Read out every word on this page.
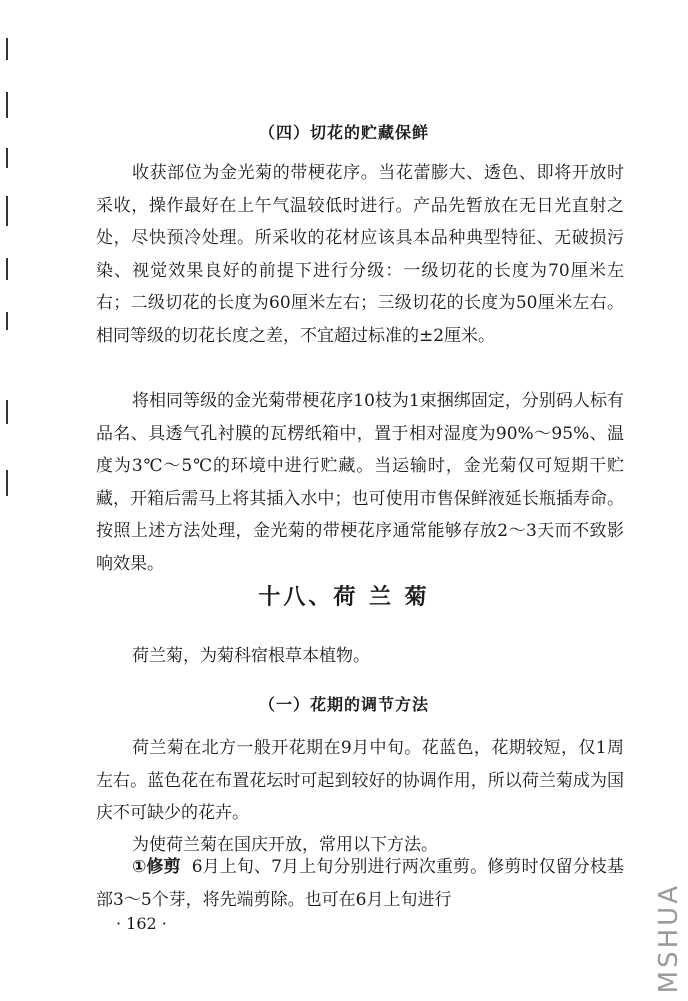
（四）切花的贮藏保鲜

收获部位为金光菊的带梗花序。当花蕾膨大、透色、即将开放时采收，操作最好在上午气温较低时进行。产品先暂放在无日光直射之处，尽快预冷处理。所采收的花材应该具本品种典型特征、无破损污染、视觉效果良好的前提下进行分级：一级切花的长度为70厘米左右；二级切花的长度为60厘米左右；三级切花的长度为50厘米左右。相同等级的切花长度之差，不宜超过标准的±2厘米。

将相同等级的金光菊带梗花序10枝为1束捆绑固定，分别码人标有品名、具透气孔衬膜的瓦楞纸箱中，置于相对湿度为90%～95%、温度为3℃～5℃的环境中进行贮藏。当运输时，金光菊仅可短期干贮藏，开箱后需马上将其插入水中；也可使用市售保鲜液延长瓶插寿命。按照上述方法处理，金光菊的带梗花序通常能够存放2～3天而不致影响效果。

十八、荷 兰 菊

荷兰菊，为菊科宿根草本植物。

（一）花期的调节方法

荷兰菊在北方一般开花期在9月中旬。花蓝色，花期较短，仅1周左右。蓝色花在布置花坛时可起到较好的协调作用，所以荷兰菊成为国庆不可缺少的花卉。

为使荷兰菊在国庆开放，常用以下方法。

①修剪 6月上旬、7月上旬分别进行两次重剪。修剪时仅留分枝基部3～5个芽，将先端剪除。也可在6月上旬进行

· 162 ·	MSHUA
